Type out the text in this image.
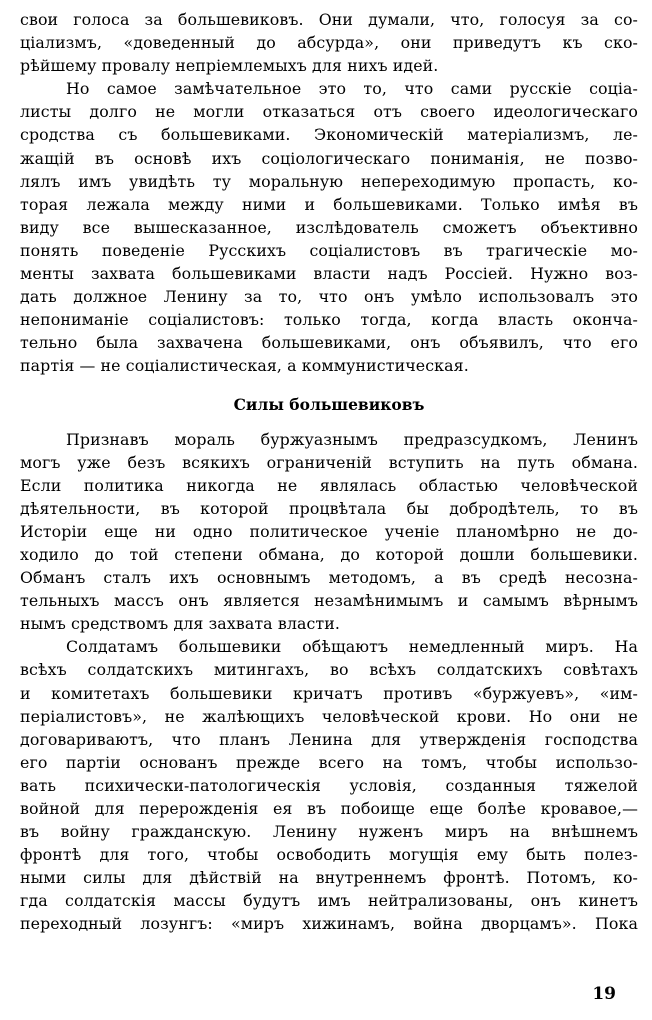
свои голоса за большевиковъ. Они думали, что, голосуя за со-
ціализмъ, «доведенный до абсурда», они приведутъ къ ско-
рѣйшему провалу непріемлемыхъ для нихъ идей.
Но самое замѣчательное это то, что сами русскіе соціа-
листы долго не могли отказаться отъ своего идеологическаго
сродства съ большевиками. Экономическій матеріализмъ, ле-
жащій въ основѣ ихъ соціологическаго пониманія, не позво-
лялъ имъ увидѣть ту моральную непереходимую пропасть, ко-
торая лежала между ними и большевиками. Только имѣя въ
виду все вышесказанное, изслѣдователь сможетъ объективно
понять поведеніе Русскихъ соціалистовъ въ трагическіе мо-
менты захвата большевиками власти надъ Россіей. Нужно воз-
дать должное Ленину за то, что онъ умѣло использовалъ это
непониманіе соціалистовъ: только тогда, когда власть оконча-
тельно была захвачена большевиками, онъ объявилъ, что его
партія — не соціалистическая, а коммунистическая.
Силы большевиковъ
Признавъ мораль буржуазнымъ предразсудкомъ, Ленинъ
могъ уже безъ всякихъ ограниченій вступить на путь обмана.
Если политика никогда не являлась областью человѣческой
дѣятельности, въ которой процвѣтала бы добродѣтель, то въ
Исторіи еще ни одно политическое ученіе планомѣрно не до-
ходило до той степени обмана, до которой дошли большевики.
Обманъ сталъ ихъ основнымъ методомъ, а въ средѣ несозна-
тельныхъ массъ онъ является незамѣнимымъ и самымъ вѣрнымъ
нымъ средствомъ для захвата власти.
Солдатамъ большевики обѣщаютъ немедленный миръ. На
всѣхъ солдатскихъ митингахъ, во всѣхъ солдатскихъ совѣтахъ
и комитетахъ большевики кричатъ противъ «буржуевъ», «им-
періалистовъ», не жалѣющихъ человѣческой крови. Но они не
договариваютъ, что планъ Ленина для утвержденія господства
его партіи основанъ прежде всего на томъ, чтобы использо-
вать психически-патологическія условія, созданныя тяжелой
войной для перерожденія ея въ побоище еще болѣе кровавое,—
въ войну гражданскую. Ленину нуженъ миръ на внѣшнемъ
фронтѣ для того, чтобы освободить могущія ему быть полез-
ными силы для дѣйствій на внутреннемъ фронтѣ. Потомъ, ко-
гда солдатскія массы будутъ имъ нейтрализованы, онъ кинетъ
переходный лозунгъ: «миръ хижинамъ, война дворцамъ». Пока
19
